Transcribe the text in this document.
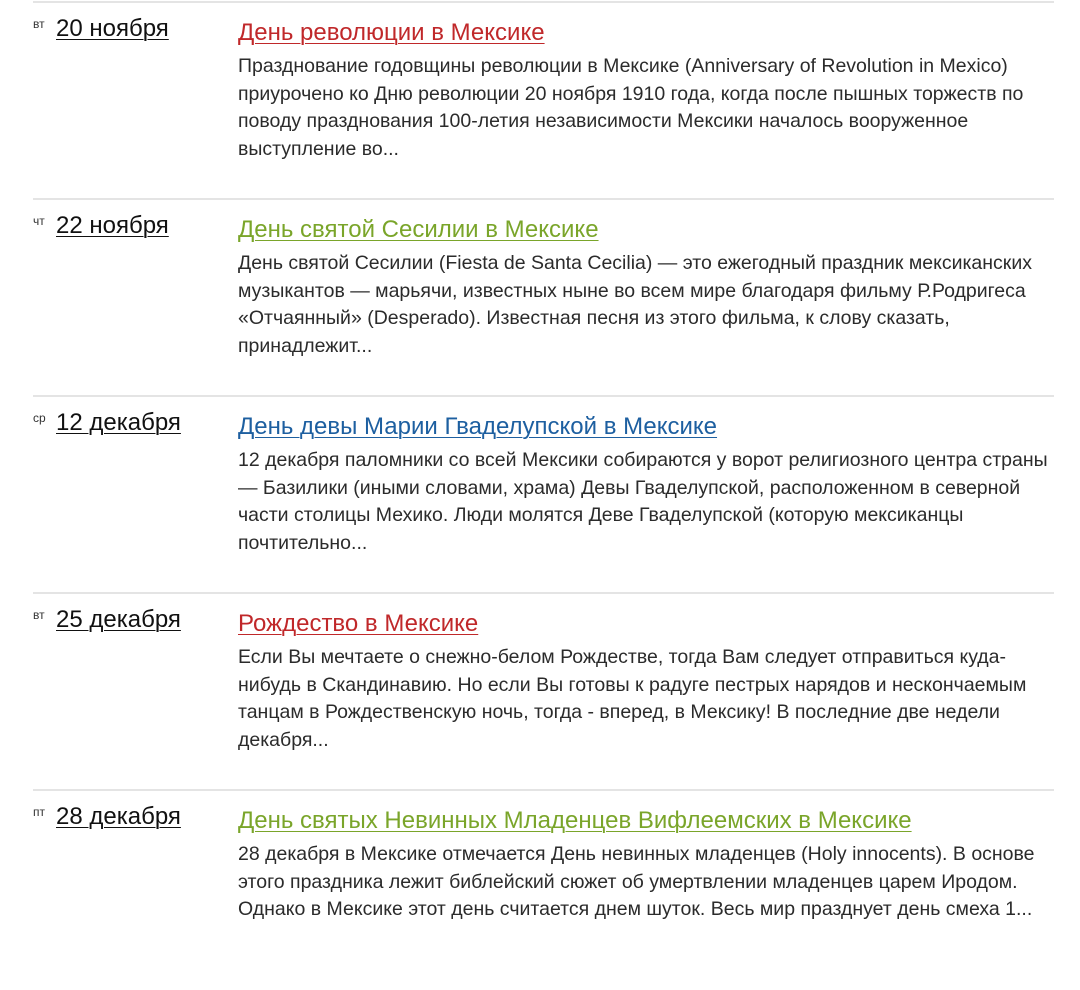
вт 20 ноября	День революции в Мексике

Празднование годовщины революции в Мексике (Anniversary of Revolution in Mexico) приурочено ко Дню революции 20 ноября 1910 года, когда после пышных торжеств по поводу празднования 100-летия независимости Мексики началось вооруженное выступление во...

чт 22 ноября	День святой Сесилии в Мексике

День святой Сесилии (Fiesta de Santa Cecilia) — это ежегодный праздник мексиканских музыкантов — марьячи, известных ныне во всем мире благодаря фильму Р.Родригеса «Отчаянный» (Desperado). Известная песня из этого фильма, к слову сказать, принадлежит...

ср 12 декабря День девы Марии Гваделупской в Мексике

12 декабря паломники со всей Мексики собираются у ворот религиозного центра страны — Базилики (иными словами, храма) Девы Гваделупской, расположенном в северной части столицы Мехико. Люди молятся Деве Гваделупской (которую мексиканцы почтительно...

вт 25 декабря Рождество в Мексике

Если Вы мечтаете о снежно-белом Рождестве, тогда Вам следует отправиться куда-нибудь в Скандинавию. Но если Вы готовы к радуге пестрых нарядов и нескончаемым танцам в Рождественскую ночь, тогда - вперед, в Мексику! В последние две недели декабря...

пт 28 декабря День святых Невинных Младенцев Вифлеемских в Мексике

28 декабря в Мексике отмечается День невинных младенцев (Holy innocents). В основе этого праздника лежит библейский сюжет об умертвлении младенцев царем Иродом. Однако в Мексике этот день считается днем шуток. Весь мир празднует день смеха 1...
